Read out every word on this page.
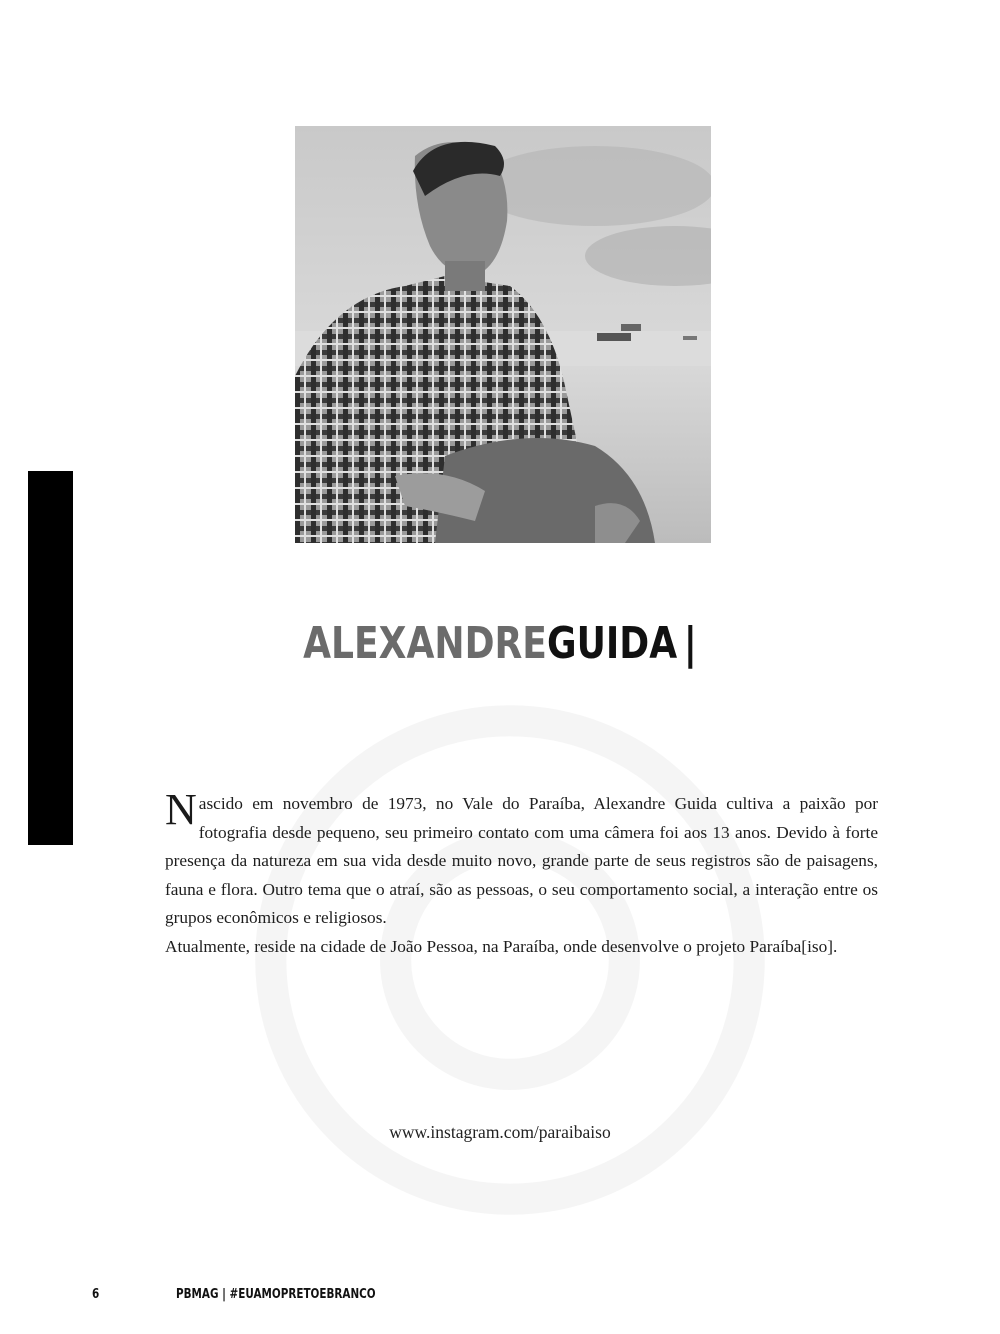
ALEXANDREGUIDA |

Nascido em novembro de 1973, no Vale do Paraíba, Alexandre Guida cultiva a paixão por fotografia desde pequeno, seu primeiro contato com uma câmera foi aos 13 anos. Devido à forte presença da natureza em sua vida desde muito novo, grande parte de seus registros são de paisagens, fauna e flora. Outro tema que o atraí, são as pessoas, o seu comportamento social, a interação entre os grupos econômicos e religiosos.

Atualmente, reside na cidade de João Pessoa, na Paraíba, onde desenvolve o projeto Paraíba[iso].

www.instagram.com/paraibaiso
6	PBMAG | #EUAMOPRETOEBRANCO
